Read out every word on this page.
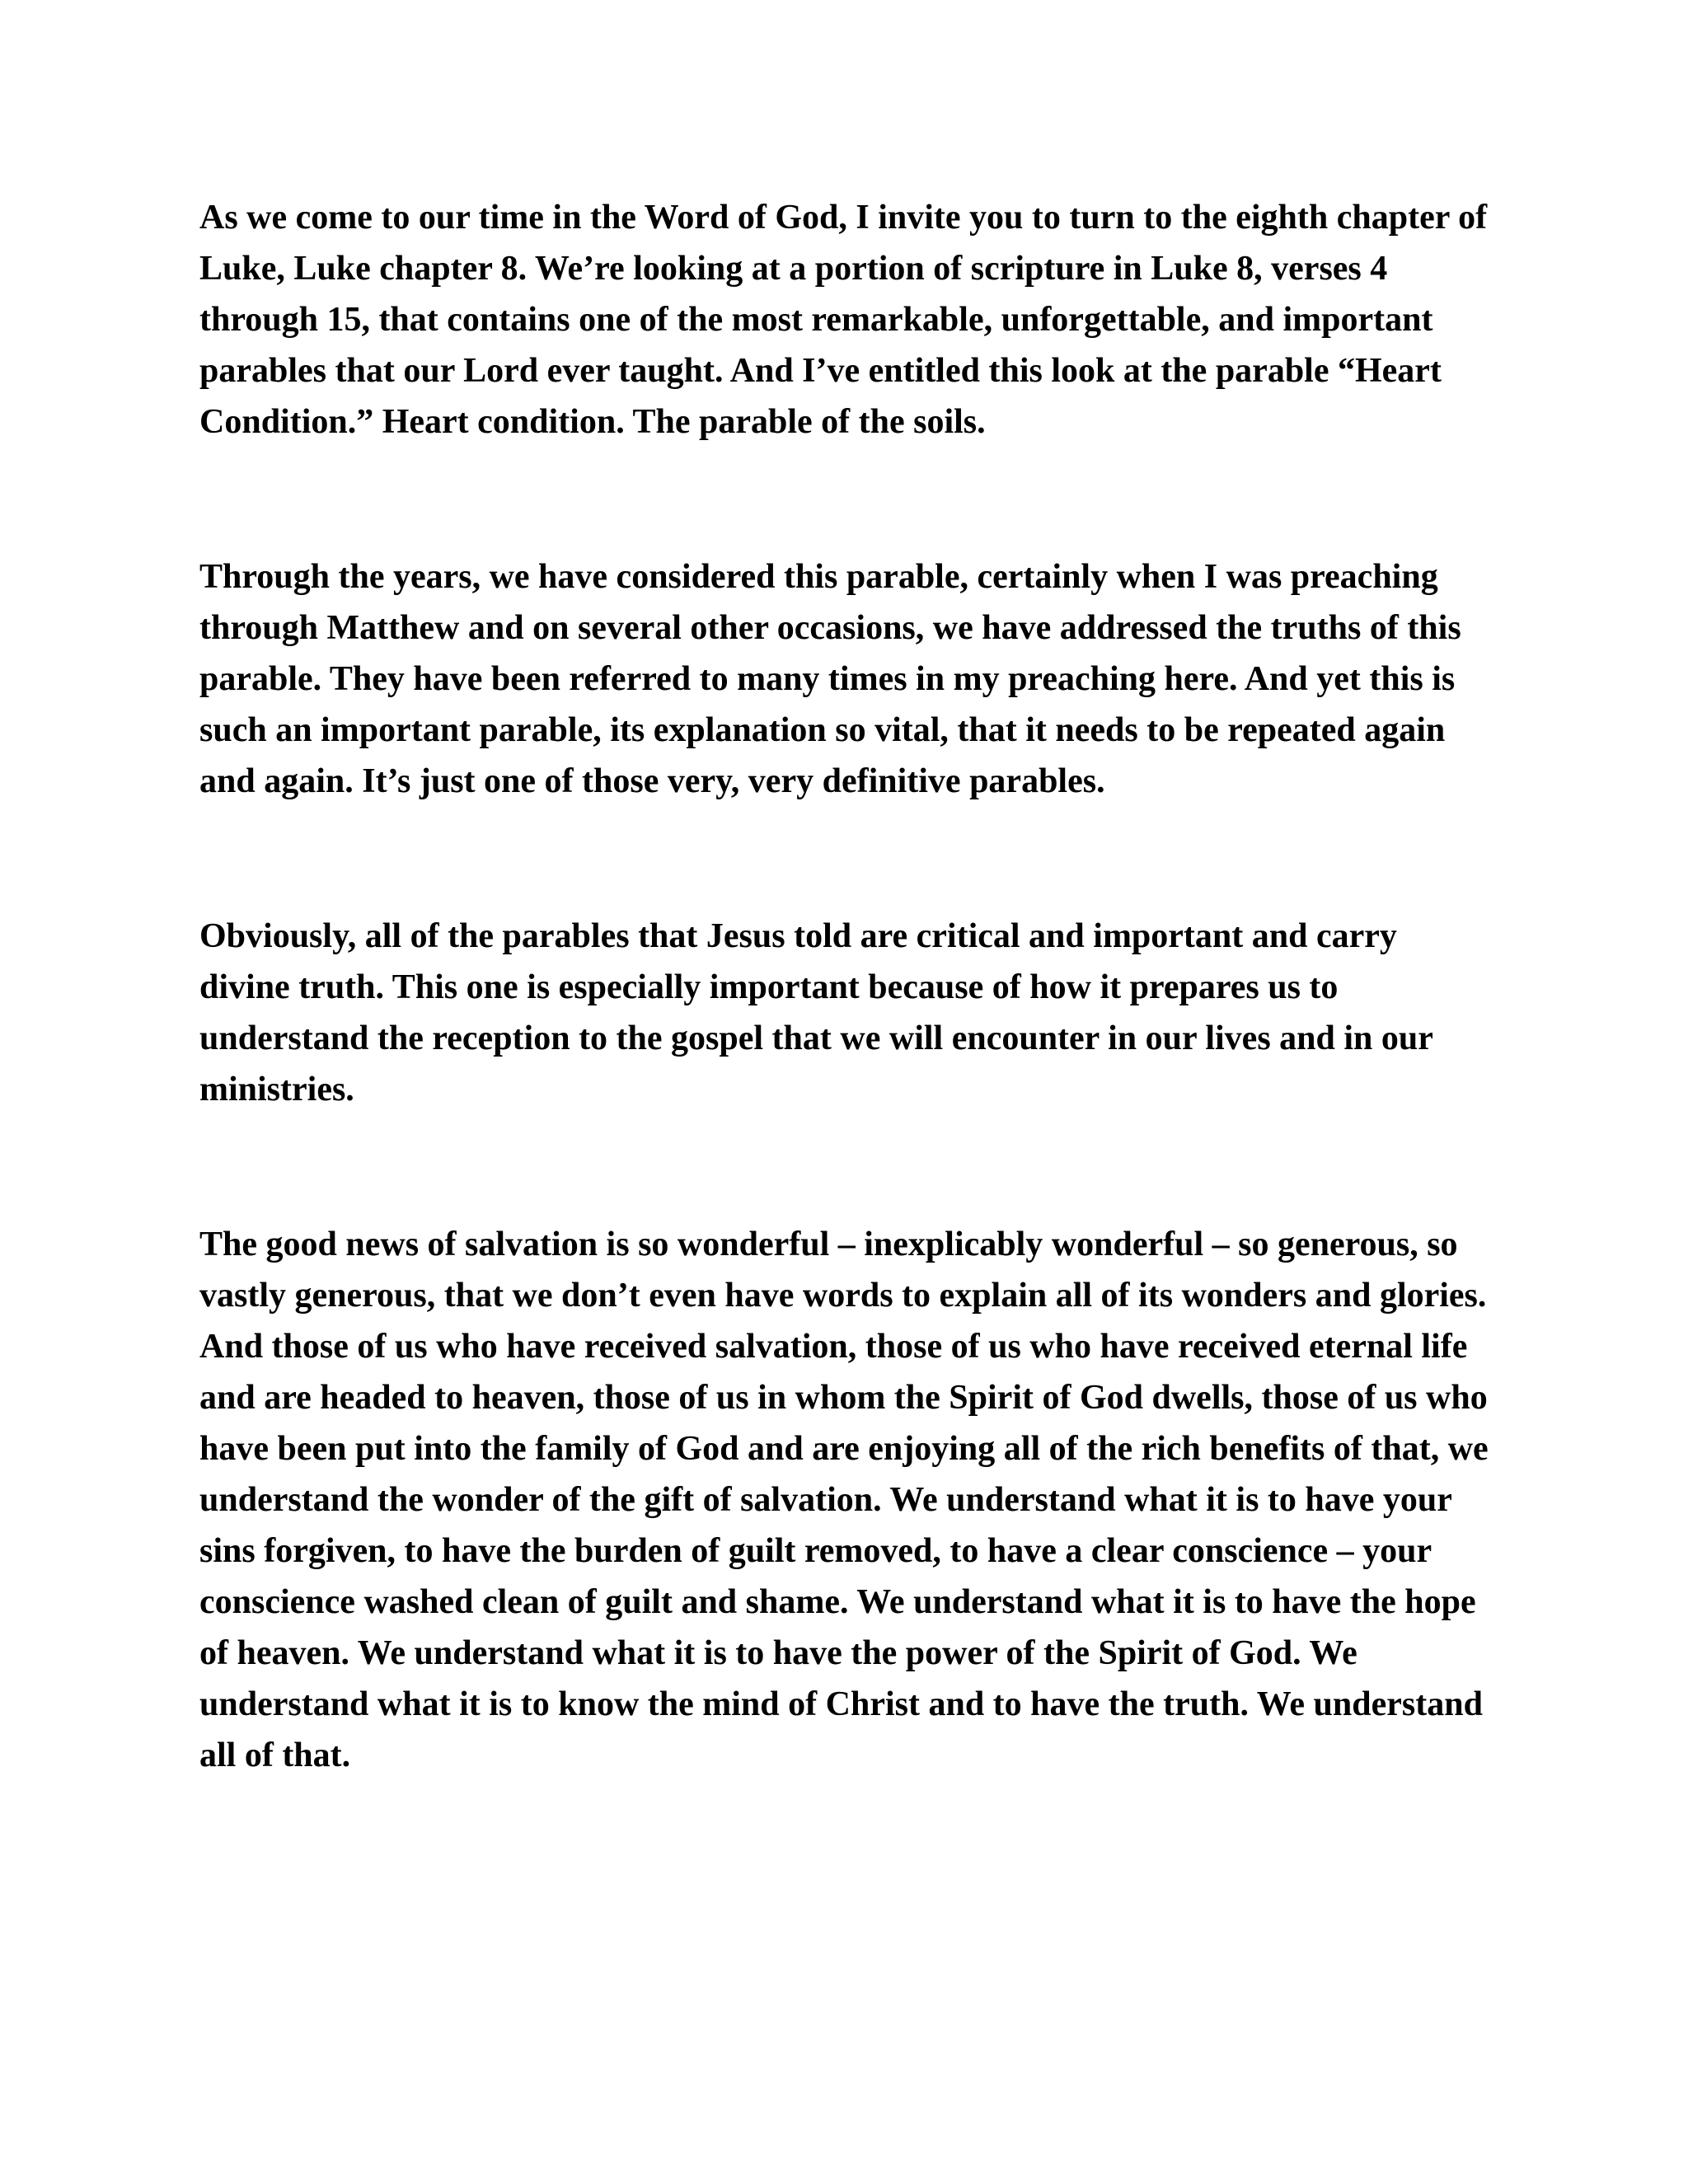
As we come to our time in the Word of God, I invite you to turn to the eighth chapter of Luke, Luke chapter 8. We’re looking at a portion of scripture in Luke 8, verses 4 through 15, that contains one of the most remarkable, unforgettable, and important parables that our Lord ever taught. And I’ve entitled this look at the parable “Heart Condition.” Heart condition. The parable of the soils.

Through the years, we have considered this parable, certainly when I was preaching through Matthew and on several other occasions, we have addressed the truths of this parable. They have been referred to many times in my preaching here. And yet this is such an important parable, its explanation so vital, that it needs to be repeated again and again. It’s just one of those very, very definitive parables.

Obviously, all of the parables that Jesus told are critical and important and carry divine truth. This one is especially important because of how it prepares us to understand the reception to the gospel that we will encounter in our lives and in our ministries.

The good news of salvation is so wonderful – inexplicably wonderful – so generous, so vastly generous, that we don’t even have words to explain all of its wonders and glories. And those of us who have received salvation, those of us who have received eternal life and are headed to heaven, those of us in whom the Spirit of God dwells, those of us who have been put into the family of God and are enjoying all of the rich benefits of that, we understand the wonder of the gift of salvation. We understand what it is to have your sins forgiven, to have the burden of guilt removed, to have a clear conscience – your conscience washed clean of guilt and shame. We understand what it is to have the hope of heaven. We understand what it is to have the power of the Spirit of God. We understand what it is to know the mind of Christ and to have the truth. We understand all of that.
